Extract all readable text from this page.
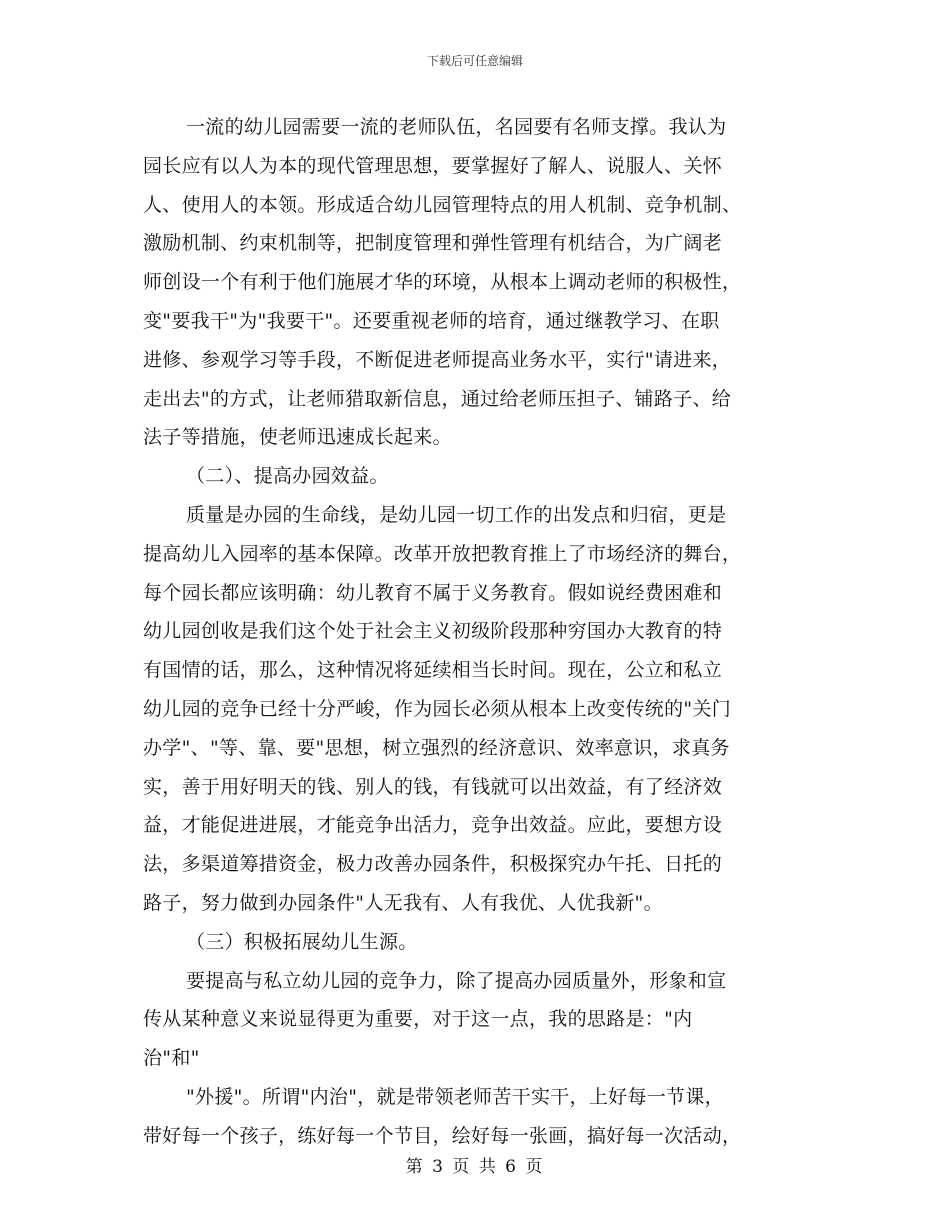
下载后可任意编辑
一流的幼儿园需要一流的老师队伍，名园要有名师支撑。我认为
园长应有以人为本的现代管理思想，要掌握好了解人、说服人、关怀
人、使用人的本领。形成适合幼儿园管理特点的用人机制、竞争机制、
激励机制、约束机制等，把制度管理和弹性管理有机结合，为广阔老
师创设一个有利于他们施展才华的环境，从根本上调动老师的积极性，
变"要我干"为"我要干"。还要重视老师的培育，通过继教学习、在职
进修、参观学习等手段，不断促进老师提高业务水平，实行"请进来，
走出去"的方式，让老师猎取新信息，通过给老师压担子、铺路子、给
法子等措施，使老师迅速成长起来。
（二）、提高办园效益。
质量是办园的生命线，是幼儿园一切工作的出发点和归宿，更是
提高幼儿入园率的基本保障。改革开放把教育推上了市场经济的舞台，
每个园长都应该明确：幼儿教育不属于义务教育。假如说经费困难和
幼儿园创收是我们这个处于社会主义初级阶段那种穷国办大教育的特
有国情的话，那么，这种情况将延续相当长时间。现在，公立和私立
幼儿园的竞争已经十分严峻，作为园长必须从根本上改变传统的"关门
办学"、"等、靠、要"思想，树立强烈的经济意识、效率意识，求真务
实，善于用好明天的钱、别人的钱，有钱就可以出效益，有了经济效
益，才能促进进展，才能竞争出活力，竞争出效益。应此，要想方设
法，多渠道筹措资金，极力改善办园条件，积极探究办午托、日托的
路子，努力做到办园条件"人无我有、人有我优、人优我新"。
（三）积极拓展幼儿生源。
要提高与私立幼儿园的竞争力，除了提高办园质量外，形象和宣
传从某种意义来说显得更为重要，对于这一点，我的思路是："内
治"和"
"外援"。所谓"内治"，就是带领老师苦干实干，上好每一节课，
带好每一个孩子，练好每一个节目，绘好每一张画，搞好每一次活动，
第 3 页 共 6 页
